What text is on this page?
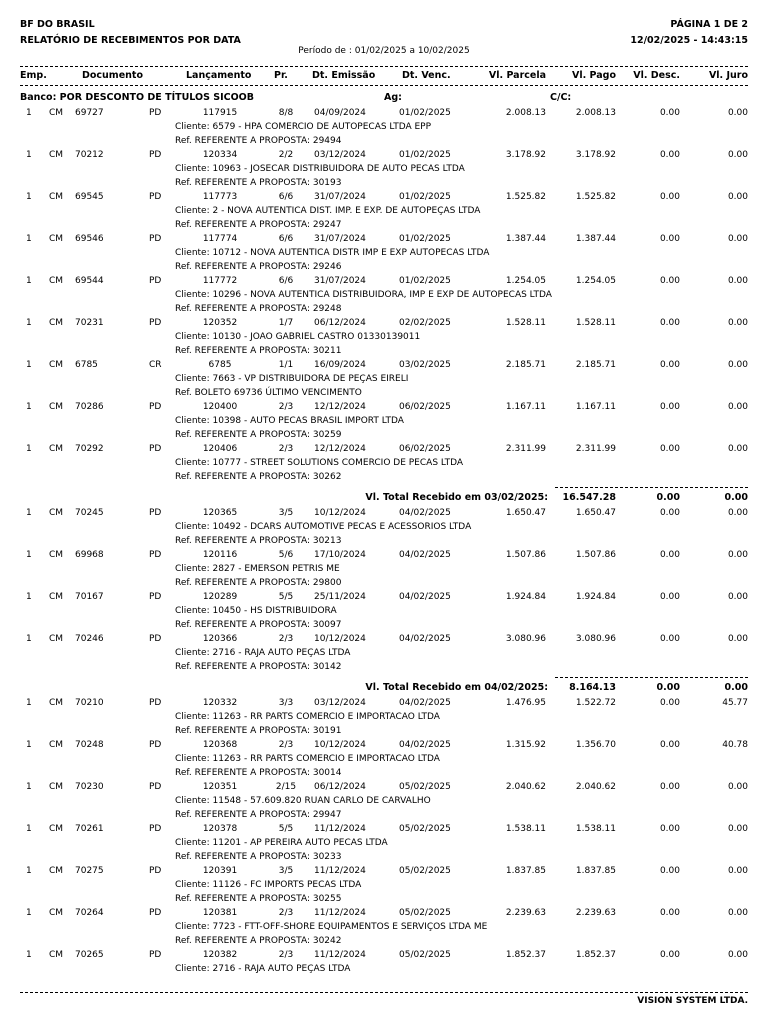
BF DO BRASIL
RELATÓRIO DE RECEBIMENTOS POR DATA
PÁGINA 1 DE 2
12/02/2025 - 14:43:15
Período de : 01/02/2025 a 10/02/2025
Emp.	Documento	Lançamento Pr.	Dt. Emissão	Dt. Venc.	Vl. Parcela	Vl. Pago	Vl. Desc.	Vl. Juro
Banco: POR DESCONTO DE TÍTULOS SICOOB	Ag:	C/C:
1 CM 69727	PD	117915	8/8	04/09/2024	01/02/2025	2.008.13	2.008.13	0.00	0.00
Cliente: 6579 - HPA COMERCIO DE AUTOPECAS LTDA EPP
Ref. REFERENTE A PROPOSTA: 29494
1 CM 70212	PD	120334	2/2	03/12/2024	01/02/2025	3.178.92	3.178.92	0.00	0.00
Cliente: 10963 - JOSECAR DISTRIBUIDORA DE AUTO PECAS LTDA
Ref. REFERENTE A PROPOSTA: 30193
1 CM 69545	PD	117773	6/6	31/07/2024	01/02/2025	1.525.82	1.525.82	0.00	0.00
Cliente: 2 - NOVA AUTENTICA DIST. IMP. E EXP. DE AUTOPEÇAS LTDA
Ref. REFERENTE A PROPOSTA: 29247
1 CM 69546	PD	117774	6/6	31/07/2024	01/02/2025	1.387.44	1.387.44	0.00	0.00
Cliente: 10712 - NOVA AUTENTICA DISTR IMP E EXP AUTOPECAS LTDA
Ref. REFERENTE A PROPOSTA: 29246
1 CM 69544	PD	117772	6/6	31/07/2024	01/02/2025	1.254.05	1.254.05	0.00	0.00
Cliente: 10296 - NOVA AUTENTICA DISTRIBUIDORA, IMP E EXP DE AUTOPECAS LTDA
Ref. REFERENTE A PROPOSTA: 29248
1 CM 70231	PD	120352	1/7	06/12/2024	02/02/2025	1.528.11	1.528.11	0.00	0.00
Cliente: 10130 - JOAO GABRIEL CASTRO 01330139011
Ref. REFERENTE A PROPOSTA: 30211
1 CM 6785	CR	6785	1/1	16/09/2024	03/02/2025	2.185.71	2.185.71	0.00	0.00
Cliente: 7663 - VP DISTRIBUIDORA DE PEÇAS EIRELI
Ref. BOLETO 69736 ÚLTIMO VENCIMENTO
1 CM 70286	PD	120400	2/3	12/12/2024	06/02/2025	1.167.11	1.167.11	0.00	0.00
Cliente: 10398 - AUTO PECAS BRASIL IMPORT LTDA
Ref. REFERENTE A PROPOSTA: 30259
1 CM 70292	PD	120406	2/3	12/12/2024	06/02/2025	2.311.99	2.311.99	0.00	0.00
Cliente: 10777 - STREET SOLUTIONS COMERCIO DE PECAS LTDA
Ref. REFERENTE A PROPOSTA: 30262
Vl. Total Recebido em 03/02/2025:	16.547.28	0.00	0.00
1 CM 70245	PD	120365	3/5	10/12/2024	04/02/2025	1.650.47	1.650.47	0.00	0.00
Cliente: 10492 - DCARS AUTOMOTIVE PECAS E ACESSORIOS LTDA
Ref. REFERENTE A PROPOSTA: 30213
1 CM 69968	PD	120116	5/6	17/10/2024	04/02/2025	1.507.86	1.507.86	0.00	0.00
Cliente: 2827 - EMERSON PETRIS ME
Ref. REFERENTE A PROPOSTA: 29800
1 CM 70167	PD	120289	5/5	25/11/2024	04/02/2025	1.924.84	1.924.84	0.00	0.00
Cliente: 10450 - HS DISTRIBUIDORA
Ref. REFERENTE A PROPOSTA: 30097
1 CM 70246	PD	120366	2/3	10/12/2024	04/02/2025	3.080.96	3.080.96	0.00	0.00
Cliente: 2716 - RAJA AUTO PEÇAS LTDA
Ref. REFERENTE A PROPOSTA: 30142
Vl. Total Recebido em 04/02/2025:	8.164.13	0.00	0.00
1 CM 70210	PD	120332	3/3	03/12/2024	04/02/2025	1.476.95	1.522.72	0.00	45.77
Cliente: 11263 - RR PARTS COMERCIO E IMPORTACAO LTDA
Ref. REFERENTE A PROPOSTA: 30191
1 CM 70248	PD	120368	2/3	10/12/2024	04/02/2025	1.315.92	1.356.70	0.00	40.78
Cliente: 11263 - RR PARTS COMERCIO E IMPORTACAO LTDA
Ref. REFERENTE A PROPOSTA: 30014
1 CM 70230	PD	120351	2/15	06/12/2024	05/02/2025	2.040.62	2.040.62	0.00	0.00
Cliente: 11548 - 57.609.820 RUAN CARLO DE CARVALHO
Ref. REFERENTE A PROPOSTA: 29947
1 CM 70261	PD	120378	5/5	11/12/2024	05/02/2025	1.538.11	1.538.11	0.00	0.00
Cliente: 11201 - AP PEREIRA AUTO PECAS LTDA
Ref. REFERENTE A PROPOSTA: 30233
1 CM 70275	PD	120391	3/5	11/12/2024	05/02/2025	1.837.85	1.837.85	0.00	0.00
Cliente: 11126 - FC IMPORTS PECAS LTDA
Ref. REFERENTE A PROPOSTA: 30255
1 CM 70264	PD	120381	2/3	11/12/2024	05/02/2025	2.239.63	2.239.63	0.00	0.00
Cliente: 7723 - FTT-OFF-SHORE EQUIPAMENTOS E SERVIÇOS LTDA ME
Ref. REFERENTE A PROPOSTA: 30242
1 CM 70265	PD	120382	2/3	11/12/2024	05/02/2025	1.852.37	1.852.37	0.00	0.00
Cliente: 2716 - RAJA AUTO PEÇAS LTDA
VISION SYSTEM LTDA.
